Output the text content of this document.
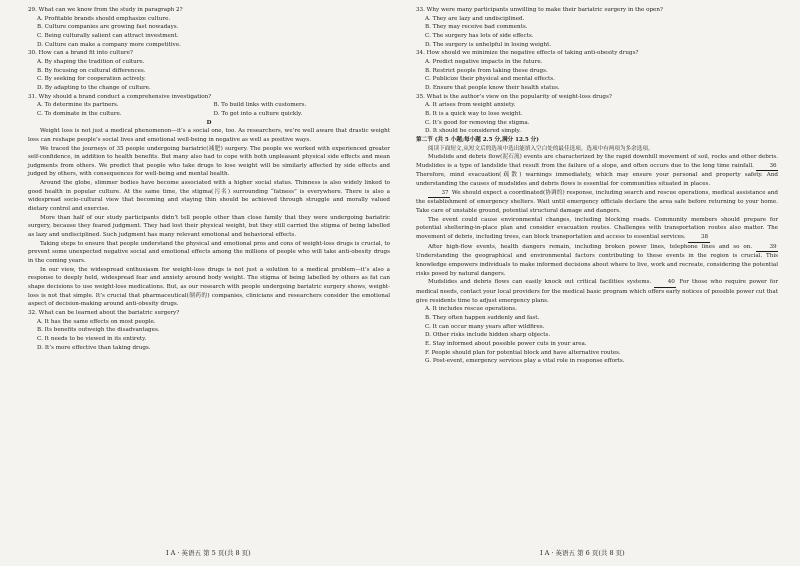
29. What can we know from the study in paragraph 2?

A. Profitable brands should emphasize culture.

B. Culture companies are growing fast nowadays.

C. Being culturally salient can attract investment.

D. Culture can make a company more competitive.

30. How can a brand fit into culture?

A. By shaping the tradition of culture.

B. By focusing on cultural differences.

C. By seeking for cooperation actively.

D. By adapting to the change of culture.

31. Why should a brand conduct a comprehensive investigation?

A. To determine its partners.	B. To build links with customers.
C. To dominate in the culture.	D. To get into a culture quickly.

D

Weight loss is not just a medical phenomenon—it’s a social one, too. As researchers, we’re well aware that drastic weight loss can reshape people’s social lives and emotional well-being in negative as well as positive ways.

We traced the journeys of 35 people undergoing bariatric(减肥) surgery. The people we worked with experienced greater self-confidence, in addition to health benefits. But many also had to cope with both unpleasant physical side effects and mean judgments from others. We predict that people who take drugs to lose weight will be similarly affected by side effects and judged by others, with consequences for well-being and mental health.

Around the globe, slimmer bodies have become associated with a higher social status. Thinness is also widely linked to good health in popular culture. At the same time, the stigma(污名) surrounding “fatness” is everywhere. There is also a widespread socio-cultural view that becoming and staying thin should be achieved through struggle and morally valued dietary control and exercise.

More than half of our study participants didn’t tell people other than close family that they were undergoing bariatric surgery, because they feared judgment. They had lost their physical weight, but they still carried the stigma of being labelled as lazy and undisciplined. Such judgment has many relevant emotional and behavioral effects.

Taking steps to ensure that people understand the physical and emotional pros and cons of weight-loss drugs is crucial, to prevent some unexpected negative social and emotional effects among the millions of people who will take anti-obesity drugs in the coming years.

In our view, the widespread enthusiasm for weight-loss drugs is not just a solution to a medical problem—it’s also a response to deeply held, widespread fear and anxiety around body weight. The stigma of being labelled by others as fat can shape decisions to use weight-loss medications. But, as our research with people undergoing bariatric surgery shows, weight-loss is not that simple. It’s crucial that pharmaceutical(制药的) companies, clinicians and researchers consider the emotional aspect of decision-making around anti-obesity drugs.

32. What can be learned about the bariatric surgery?

A. It has the same effects on most people.

B. Its benefits outweigh the disadvantages.

C. It needs to be viewed in its entirety.

D. It’s more effective than taking drugs.

33. Why were many participants unwilling to make their bariatric surgery in the open?

A. They are lazy and undisciplined.

B. They may receive bad comments.

C. The surgery has lots of side effects.

D. The surgery is unhelpful in losing weight.

34. How should we minimize the negative effects of taking anti-obesity drugs?

A. Predict negative impacts in the future.

B. Restrict people from taking these drugs.

C. Publicize their physical and mental effects.

D. Ensure that people know their health status.

35. What is the author’s view on the popularity of weight-loss drugs?

A. It arises from weight anxiety.

B. It is a quick way to lose weight.

C. It’s good for removing the stigma.

D. It should be considered simply.

第二节 (共 5 小题;每小题 2.5 分,满分 12.5 分)

阅读下面短文,从短文后的选项中选出能填入空白处的最佳选项。选项中有两项为多余选项。

Mudslide and debris flow(泥石流) events are characterized by the rapid downhill movement of soil, rocks and other debris. Mudslides is a type of landslide that result from the failure of a slope, and often occurs due to the long time rainfall. 36 Therefore, mind evacuation(疏散) warnings immediately, which may ensure your personal and property safety. And understanding the causes of mudslides and debris flows is essential for communities situated in places.

37 We should expect a coordinated(协调的) response, including search and rescue operations, medical assistance and the establishment of emergency shelters. Wait until emergency officials declare the area safe before returning to your home. Take care of unstable ground, potential structural damage and dangers.

The event could cause environmental changes, including blocking roads. Community members should prepare for potential sheltering-in-place plan and consider evacuation routes. Challenges with transportation routes also matter. The movement of debris, including trees, can block transportation and access to essential services. 38

After high-flow events, health dangers remain, including broken power lines, telephone lines and so on. 39 Understanding the geographical and environmental factors contributing to these events in the region is crucial. This knowledge empowers individuals to make informed decisions about where to live, work and recreate, considering the potential risks posed by natural dangers.

Mudslides and debris flows can easily knock out critical facilities systems. 40 For those who require power for medical needs, contact your local providers for the medical basic program which offers early notices of possible power cut that give residents time to adjust emergency plans.

A. It includes rescue operations.

B. They often happen suddenly and fast.

C. It can occur many years after wildfires.

D. Other risks include hidden sharp objects.

E. Stay informed about possible power cuts in your area.

F. People should plan for potential block and have alternative routes.

G. Post-event, emergency services play a vital role in response efforts.

Ⅰ A · 英语五 第 5 页(共 8 页)	Ⅰ A · 英语五 第 6 页(共 8 页)
